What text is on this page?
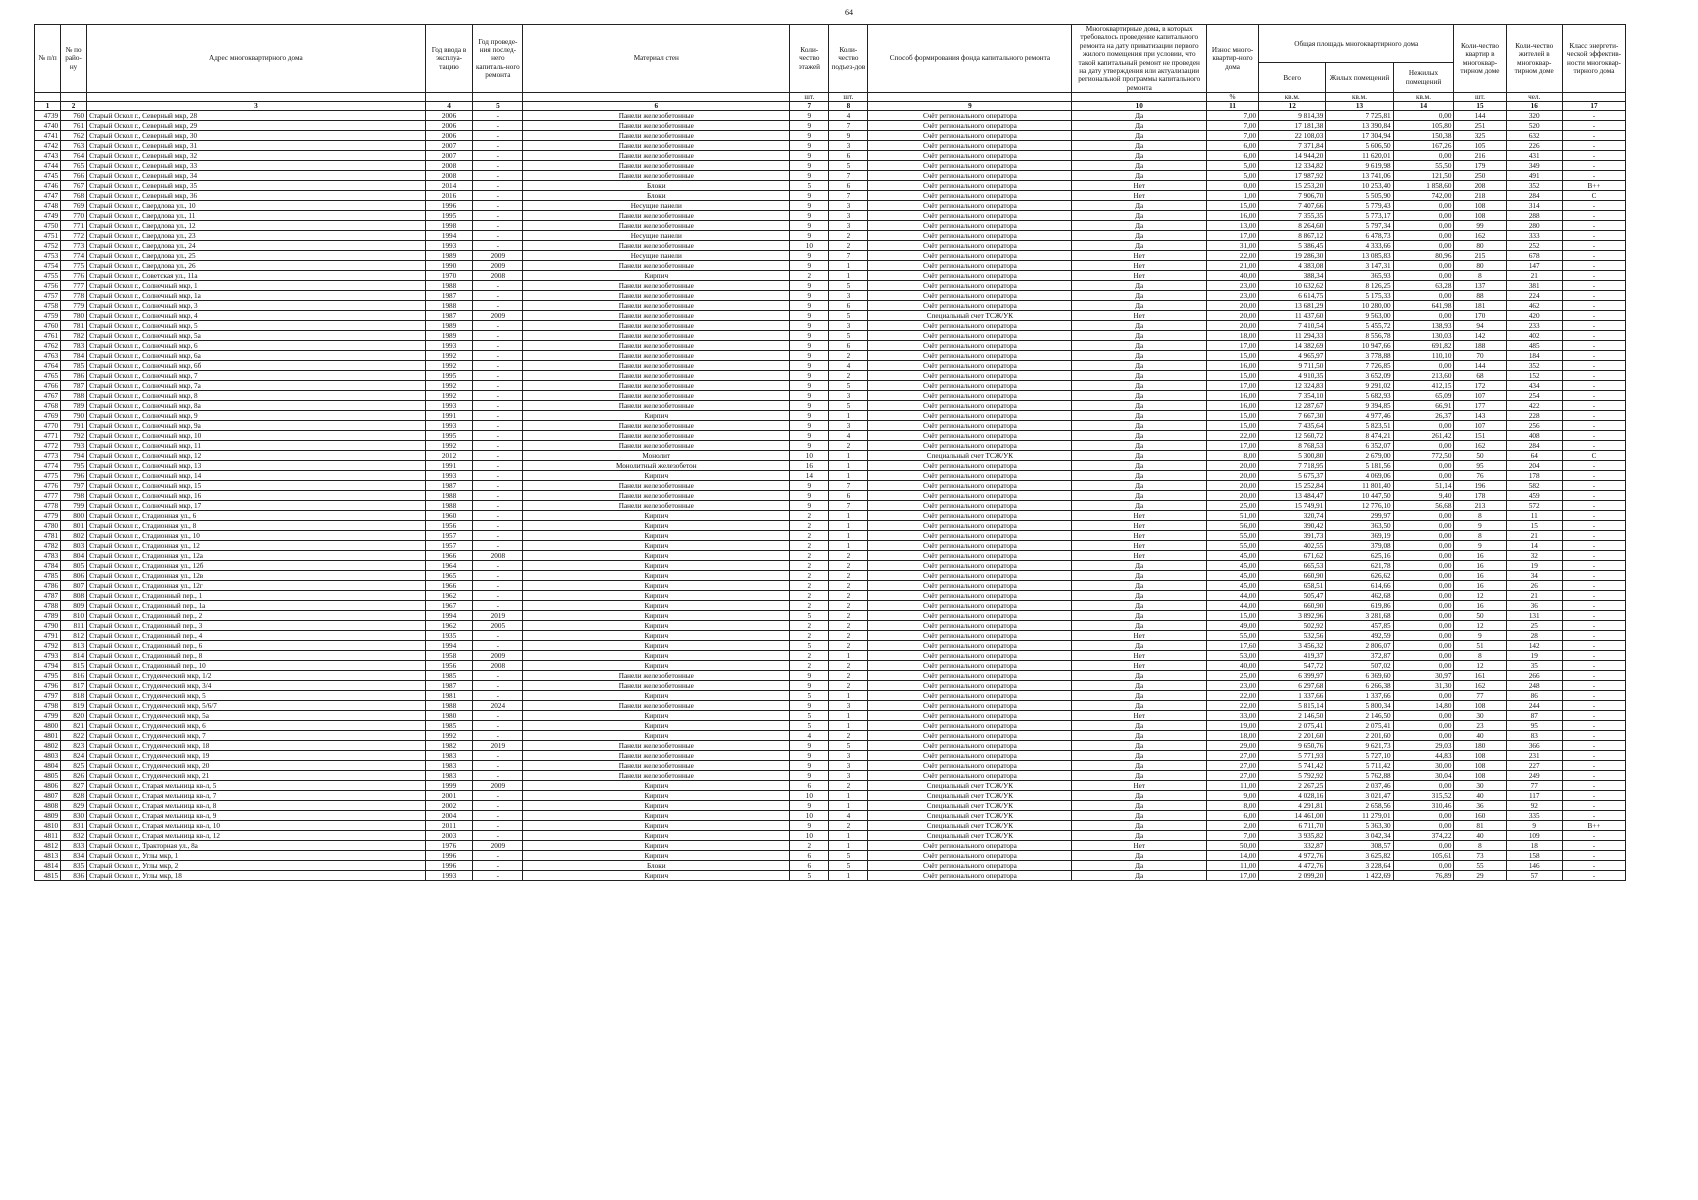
64
№ п/п	№ по райо-ну	Адрес многоквартирного дома	Год ввода в эксплуа-тацию	Год проведе-ния послед-него капиталь-ного ремонта	Материал стен	Коли-чество этажей	Коли-чество подъез-дов	Способ формирования фонда капитального ремонта	Многоквартирные дома, в которых требовалось проведение капитального ремонта на дату приватизации первого жилого помещения при условии, что такой капитальный ремонт не проведен на дату утверждения или актуализации региональной программы капитального ремонта	Износ много-квартир-ного дома	Общая площадь многоквартирного дома			Коли-чество квартир в многоквар-тирном доме	Коли-чество жителей в многоквар-тирном доме	Класс энергети-ческой эффектив-ности многоквар-тирного дома
											Всего	Жилых помещений	Нежилых помещений			
						шт.	шт.			%	кв.м.	кв.м.	кв.м.	шт.	чел.	
1	2	3	4	5	6	7	8	9	10	11	12	13	14	15	16	17
4739	760	Старый Оскол г., Северный мкр, 28	2006	-	Панели железобетонные	9	4	Счёт регионального оператора	Да	7,00	9 814,39	7 725,81	0,00	144	320	-
4740	761	Старый Оскол г., Северный мкр, 29	2006	-	Панели железобетонные	9	7	Счёт регионального оператора	Да	7,00	17 181,38	13 390,84	105,80	251	520	-
4741	762	Старый Оскол г., Северный мкр, 30	2006	-	Панели железобетонные	9	9	Счёт регионального оператора	Да	7,00	22 108,03	17 304,94	150,38	325	632	-
4742	763	Старый Оскол г., Северный мкр, 31	2007	-	Панели железобетонные	9	3	Счёт регионального оператора	Да	6,00	7 371,84	5 606,50	167,26	105	226	-
4743	764	Старый Оскол г., Северный мкр, 32	2007	-	Панели железобетонные	9	6	Счёт регионального оператора	Да	6,00	14 944,20	11 620,01	0,00	216	431	-
4744	765	Старый Оскол г., Северный мкр, 33	2008	-	Панели железобетонные	9	5	Счёт регионального оператора	Да	5,00	12 334,82	9 619,98	55,50	179	349	-
4745	766	Старый Оскол г., Северный мкр, 34	2008	-	Панели железобетонные	9	7	Счёт регионального оператора	Да	5,00	17 987,92	13 741,06	121,50	250	491	-
4746	767	Старый Оскол г., Северный мкр, 35	2014	-	Блоки	5	6	Счёт регионального оператора	Нет	0,00	15 253,20	10 253,40	1 858,60	208	352	B++
4747	768	Старый Оскол г., Северный мкр, 36	2016	-	Блоки	9	7	Счёт регионального оператора	Нет	1,00	7 906,70	5 505,90	742,00	218	284	C
4748	769	Старый Оскол г., Свердлова ул., 10	1996	-	Несущие панели	9	3	Счёт регионального оператора	Да	15,00	7 407,66	5 779,43	0,00	108	314	-
4749	770	Старый Оскол г., Свердлова ул., 11	1995	-	Панели железобетонные	9	3	Счёт регионального оператора	Да	16,00	7 355,35	5 773,17	0,00	108	288	-
4750	771	Старый Оскол г., Свердлова ул., 12	1998	-	Панели железобетонные	9	3	Счёт регионального оператора	Да	13,00	8 264,60	5 797,34	0,00	99	280	-
4751	772	Старый Оскол г., Свердлова ул., 23	1994	-	Несущие панели	9	2	Счёт регионального оператора	Да	17,00	8 867,12	6 478,73	0,00	162	333	-
4752	773	Старый Оскол г., Свердлова ул., 24	1993	-	Панели железобетонные	10	2	Счёт регионального оператора	Да	31,00	5 386,45	4 333,66	0,00	80	252	-
4753	774	Старый Оскол г., Свердлова ул., 25	1989	2009	Несущие панели	9	7	Счёт регионального оператора	Нет	22,00	19 286,30	13 085,83	80,96	215	678	-
4754	775	Старый Оскол г., Свердлова ул., 26	1990	2009	Панели железобетонные	9	1	Счёт регионального оператора	Нет	21,00	4 383,08	3 147,31	0,00	80	147	-
4755	776	Старый Оскол г., Советская ул., 11а	1970	2008	Кирпич	2	1	Счёт регионального оператора	Нет	40,00	388,34	365,93	0,00	8	21	-
4756	777	Старый Оскол г., Солнечный мкр, 1	1988	-	Панели железобетонные	9	5	Счёт регионального оператора	Да	23,00	10 632,62	8 126,25	63,28	137	381	-
4757	778	Старый Оскол г., Солнечный мкр, 1а	1987	-	Панели железобетонные	9	3	Счёт регионального оператора	Да	23,00	6 614,75	5 175,33	0,00	88	224	-
4758	779	Старый Оскол г., Солнечный мкр, 3	1988	-	Панели железобетонные	9	6	Счёт регионального оператора	Да	20,00	13 681,29	10 280,00	641,98	181	462	-
4759	780	Старый Оскол г., Солнечный мкр, 4	1987	2009	Панели железобетонные	9	5	Специальный счет ТСЖ/УК	Нет	20,00	11 437,60	9 563,00	0,00	170	420	-
4760	781	Старый Оскол г., Солнечный мкр, 5	1989	-	Панели железобетонные	9	3	Счёт регионального оператора	Да	20,00	7 410,54	5 455,72	138,93	94	233	-
4761	782	Старый Оскол г., Солнечный мкр, 5а	1989	-	Панели железобетонные	9	5	Счёт регионального оператора	Да	18,00	11 294,33	8 556,78	130,03	142	402	-
4762	783	Старый Оскол г., Солнечный мкр, 6	1993	-	Панели железобетонные	9	6	Счёт регионального оператора	Да	17,00	14 382,69	10 947,66	691,82	188	485	-
4763	784	Старый Оскол г., Солнечный мкр, 6а	1992	-	Панели железобетонные	9	2	Счёт регионального оператора	Да	15,00	4 965,97	3 778,88	110,10	70	184	-
4764	785	Старый Оскол г., Солнечный мкр, 6б	1992	-	Панели железобетонные	9	4	Счёт регионального оператора	Да	16,00	9 711,50	7 726,85	0,00	144	352	-
4765	786	Старый Оскол г., Солнечный мкр, 7	1995	-	Панели железобетонные	9	2	Счёт регионального оператора	Да	15,00	4 910,35	3 652,09	213,60	68	152	-
4766	787	Старый Оскол г., Солнечный мкр, 7а	1992	-	Панели железобетонные	9	5	Счёт регионального оператора	Да	17,00	12 324,83	9 291,02	412,15	172	434	-
4767	788	Старый Оскол г., Солнечный мкр, 8	1992	-	Панели железобетонные	9	3	Счёт регионального оператора	Да	16,00	7 354,10	5 682,93	65,09	107	254	-
4768	789	Старый Оскол г., Солнечный мкр, 8а	1993	-	Панели железобетонные	9	5	Счёт регионального оператора	Да	16,00	12 287,67	9 394,85	66,91	177	422	-
4769	790	Старый Оскол г., Солнечный мкр, 9	1991	-	Кирпич	9	1	Счёт регионального оператора	Да	15,00	7 667,30	4 977,46	26,37	143	228	-
4770	791	Старый Оскол г., Солнечный мкр, 9а	1993	-	Панели железобетонные	9	3	Счёт регионального оператора	Да	15,00	7 435,64	5 823,51	0,00	107	256	-
4771	792	Старый Оскол г., Солнечный мкр, 10	1995	-	Панели железобетонные	9	4	Счёт регионального оператора	Да	22,00	12 560,72	8 474,21	261,42	151	408	-
4772	793	Старый Оскол г., Солнечный мкр, 11	1992	-	Панели железобетонные	9	2	Счёт регионального оператора	Да	17,00	8 768,53	6 352,07	0,00	162	284	-
4773	794	Старый Оскол г., Солнечный мкр, 12	2012	-	Монолит	10	1	Специальный счет ТСЖ/УК	Да	8,00	5 300,80	2 679,00	772,50	50	64	C
4774	795	Старый Оскол г., Солнечный мкр, 13	1991	-	Монолитный железобетон	16	1	Счёт регионального оператора	Да	20,00	7 718,95	5 181,56	0,00	95	204	-
4775	796	Старый Оскол г., Солнечный мкр, 14	1993	-	Кирпич	14	1	Счёт регионального оператора	Да	20,00	5 675,37	4 069,06	0,00	76	178	-
4776	797	Старый Оскол г., Солнечный мкр, 15	1987	-	Панели железобетонные	9	7	Счёт регионального оператора	Да	20,00	15 252,84	11 801,40	51,14	196	582	-
4777	798	Старый Оскол г., Солнечный мкр, 16	1988	-	Панели железобетонные	9	6	Счёт регионального оператора	Да	20,00	13 484,47	10 447,50	9,40	178	459	-
4778	799	Старый Оскол г., Солнечный мкр, 17	1988	-	Панели железобетонные	9	7	Счёт регионального оператора	Да	25,00	15 749,91	12 776,10	56,68	213	572	-
4779	800	Старый Оскол г., Стадионная ул., 6	1960	-	Кирпич	2	1	Счёт регионального оператора	Нет	51,00	320,74	299,97	0,00	8	11	-
4780	801	Старый Оскол г., Стадионная ул., 8	1956	-	Кирпич	2	1	Счёт регионального оператора	Нет	56,00	390,42	363,50	0,00	9	15	-
4781	802	Старый Оскол г., Стадионная ул., 10	1957	-	Кирпич	2	1	Счёт регионального оператора	Нет	55,00	391,73	369,19	0,00	8	21	-
4782	803	Старый Оскол г., Стадионная ул., 12	1957	-	Кирпич	2	1	Счёт регионального оператора	Нет	55,00	402,55	379,08	0,00	9	14	-
4783	804	Старый Оскол г., Стадионная ул., 12а	1966	2008	Кирпич	2	2	Счёт регионального оператора	Нет	45,00	671,62	625,16	0,00	16	32	-
4784	805	Старый Оскол г., Стадионная ул., 12б	1964	-	Кирпич	2	2	Счёт регионального оператора	Да	45,00	665,53	621,78	0,00	16	19	-
4785	806	Старый Оскол г., Стадионная ул., 12в	1965	-	Кирпич	2	2	Счёт регионального оператора	Да	45,00	660,90	626,62	0,00	16	34	-
4786	807	Старый Оскол г., Стадионная ул., 12г	1966	-	Кирпич	2	2	Счёт регионального оператора	Да	45,00	658,51	614,66	0,00	16	26	-
4787	808	Старый Оскол г., Стадионный пер., 1	1962	-	Кирпич	2	2	Счёт регионального оператора	Да	44,00	505,47	462,68	0,00	12	21	-
4788	809	Старый Оскол г., Стадионный пер., 1а	1967	-	Кирпич	2	2	Счёт регионального оператора	Да	44,00	660,90	619,86	0,00	16	36	-
4789	810	Старый Оскол г., Стадионный пер., 2	1994	2019	Кирпич	5	2	Счёт регионального оператора	Да	15,00	3 892,96	3 281,68	0,00	50	131	-
4790	811	Старый Оскол г., Стадионный пер., 3	1962	2005	Кирпич	2	2	Счёт регионального оператора	Да	49,00	502,92	457,85	0,00	12	25	-
4791	812	Старый Оскол г., Стадионный пер., 4	1935	-	Кирпич	2	2	Счёт регионального оператора	Нет	55,00	532,56	492,59	0,00	9	28	-
4792	813	Старый Оскол г., Стадионный пер., 6	1994	-	Кирпич	5	2	Счёт регионального оператора	Да	17,60	3 456,32	2 806,07	0,00	51	142	-
4793	814	Старый Оскол г., Стадионный пер., 8	1958	2009	Кирпич	2	1	Счёт регионального оператора	Нет	53,00	419,37	372,87	0,00	8	19	-
4794	815	Старый Оскол г., Стадионный пер., 10	1956	2008	Кирпич	2	2	Счёт регионального оператора	Нет	40,00	547,72	507,02	0,00	12	35	-
4795	816	Старый Оскол г., Студенческий мкр, 1/2	1985	-	Панели железобетонные	9	2	Счёт регионального оператора	Да	25,00	6 399,97	6 369,60	30,97	161	266	-
4796	817	Старый Оскол г., Студенческий мкр, 3/4	1987	-	Панели железобетонные	9	2	Счёт регионального оператора	Да	23,00	6 297,68	6 266,38	31,30	162	248	-
4797	818	Старый Оскол г., Студенческий мкр, 5	1981	-	Кирпич	5	1	Счёт регионального оператора	Да	22,00	1 337,66	1 337,66	0,00	77	86	-
4798	819	Старый Оскол г., Студенческий мкр, 5/6/7	1988	2024	Панели железобетонные	9	3	Счёт регионального оператора	Да	22,00	5 815,14	5 800,34	14,80	108	244	-
4799	820	Старый Оскол г., Студенческий мкр, 5а	1980	-	Кирпич	5	1	Счёт регионального оператора	Нет	33,00	2 146,50	2 146,50	0,00	30	87	-
4800	821	Старый Оскол г., Студенческий мкр, 6	1985	-	Кирпич	5	1	Счёт регионального оператора	Да	19,00	2 075,41	2 075,41	0,00	23	95	-
4801	822	Старый Оскол г., Студенческий мкр, 7	1992	-	Кирпич	4	2	Счёт регионального оператора	Да	18,00	2 201,60	2 201,60	0,00	40	83	-
4802	823	Старый Оскол г., Студенческий мкр, 18	1982	2019	Панели железобетонные	9	5	Счёт регионального оператора	Да	29,00	9 650,76	9 621,73	29,03	180	366	-
4803	824	Старый Оскол г., Студенческий мкр, 19	1983	-	Панели железобетонные	9	3	Счёт регионального оператора	Да	27,00	5 771,93	5 727,10	44,83	108	231	-
4804	825	Старый Оскол г., Студенческий мкр, 20	1983	-	Панели железобетонные	9	3	Счёт регионального оператора	Да	27,00	5 741,42	5 711,42	30,00	108	227	-
4805	826	Старый Оскол г., Студенческий мкр, 21	1983	-	Панели железобетонные	9	3	Счёт регионального оператора	Да	27,00	5 792,92	5 762,88	30,04	108	249	-
4806	827	Старый Оскол г., Старая мельница кв-л, 5	1999	2009	Кирпич	6	2	Специальный счет ТСЖ/УК	Нет	11,00	2 267,25	2 037,46	0,00	30	77	-
4807	828	Старый Оскол г., Старая мельница кв-л, 7	2001	-	Кирпич	10	1	Специальный счет ТСЖ/УК	Да	9,00	4 028,16	3 021,47	315,52	40	117	-
4808	829	Старый Оскол г., Старая мельница кв-л, 8	2002	-	Кирпич	9	1	Специальный счет ТСЖ/УК	Да	8,00	4 291,81	2 658,56	310,46	36	92	-
4809	830	Старый Оскол г., Старая мельница кв-л, 9	2004	-	Кирпич	10	4	Специальный счет ТСЖ/УК	Да	6,00	14 461,00	11 279,01	0,00	160	335	-
4810	831	Старый Оскол г., Старая мельница кв-л, 10	2011	-	Кирпич	9	2	Специальный счет ТСЖ/УК	Да	2,00	6 711,70	5 363,30	0,00	81	9	B++
4811	832	Старый Оскол г., Старая мельница кв-л, 12	2003	-	Кирпич	10	1	Специальный счет ТСЖ/УК	Да	7,00	3 935,82	3 042,34	374,22	40	109	-
4812	833	Старый Оскол г., Тракторная ул., 8а	1976	2009	Кирпич	2	1	Счёт регионального оператора	Нет	50,00	332,87	308,57	0,00	8	18	-
4813	834	Старый Оскол г., Углы мкр, 1	1996	-	Кирпич	6	5	Счёт регионального оператора	Да	14,00	4 972,76	3 625,82	105,61	73	158	-
4814	835	Старый Оскол г., Углы мкр, 2	1996	-	Блоки	6	5	Счёт регионального оператора	Да	11,00	4 472,76	3 228,64	0,00	55	146	-
4815	836	Старый Оскол г., Углы мкр, 18	1993	-	Кирпич	5	1	Счёт регионального оператора	Да	17,00	2 099,20	1 422,69	76,89	29	57	-
